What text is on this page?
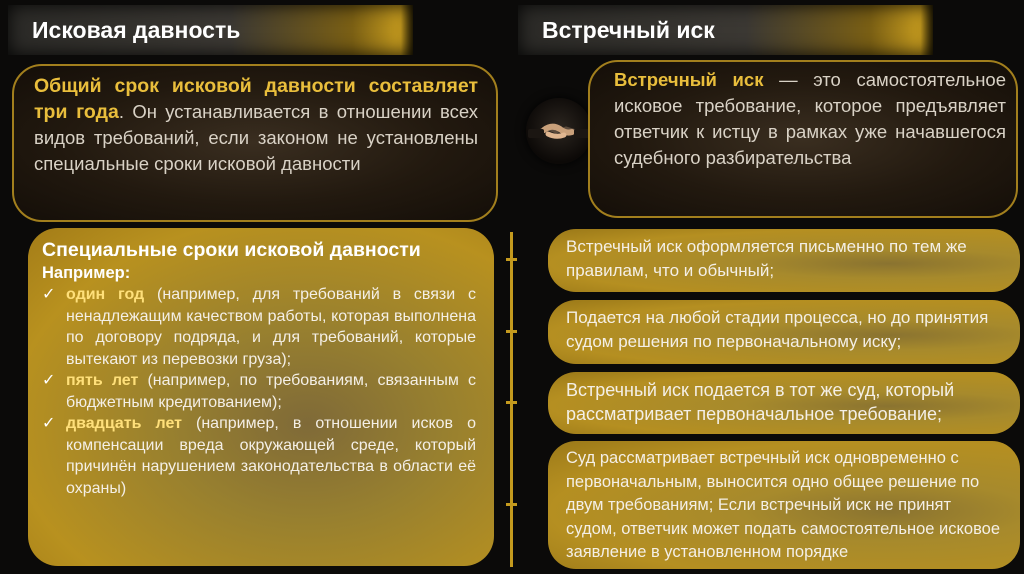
Исковая давность	Встречный иск
Общий срок исковой давности составляет три года. Он устанавливается в отношении всех видов требований, если законом не установлены специальные сроки исковой давности
Специальные сроки исковой давности
Например:
✓ один год (например, для требований в связи с ненадлежащим качеством работы, которая выполнена по договору подряда, и для требований, которые вытекают из перевозки груза);
✓ пять лет (например, по требованиям, связанным с бюджетным кредитованием);
✓ двадцать лет (например, в отношении исков о компенсации вреда окружающей среде, который причинён нарушением законодательства в области её охраны)
Встречный иск — это самостоятельное исковое требование, которое предъявляет ответчик к истцу в рамках уже начавшегося судебного разбирательства
Встречный иск оформляется письменно по тем же правилам, что и обычный;
Подается на любой стадии процесса, но до принятия судом решения по первоначальному иску;
Встречный иск подается в тот же суд, который рассматривает первоначальное требование;
Суд рассматривает встречный иск одновременно с первоначальным, выносится одно общее решение по двум требованиям; Если встречный иск не принят судом, ответчик может подать самостоятельное исковое заявление в установленном порядке
